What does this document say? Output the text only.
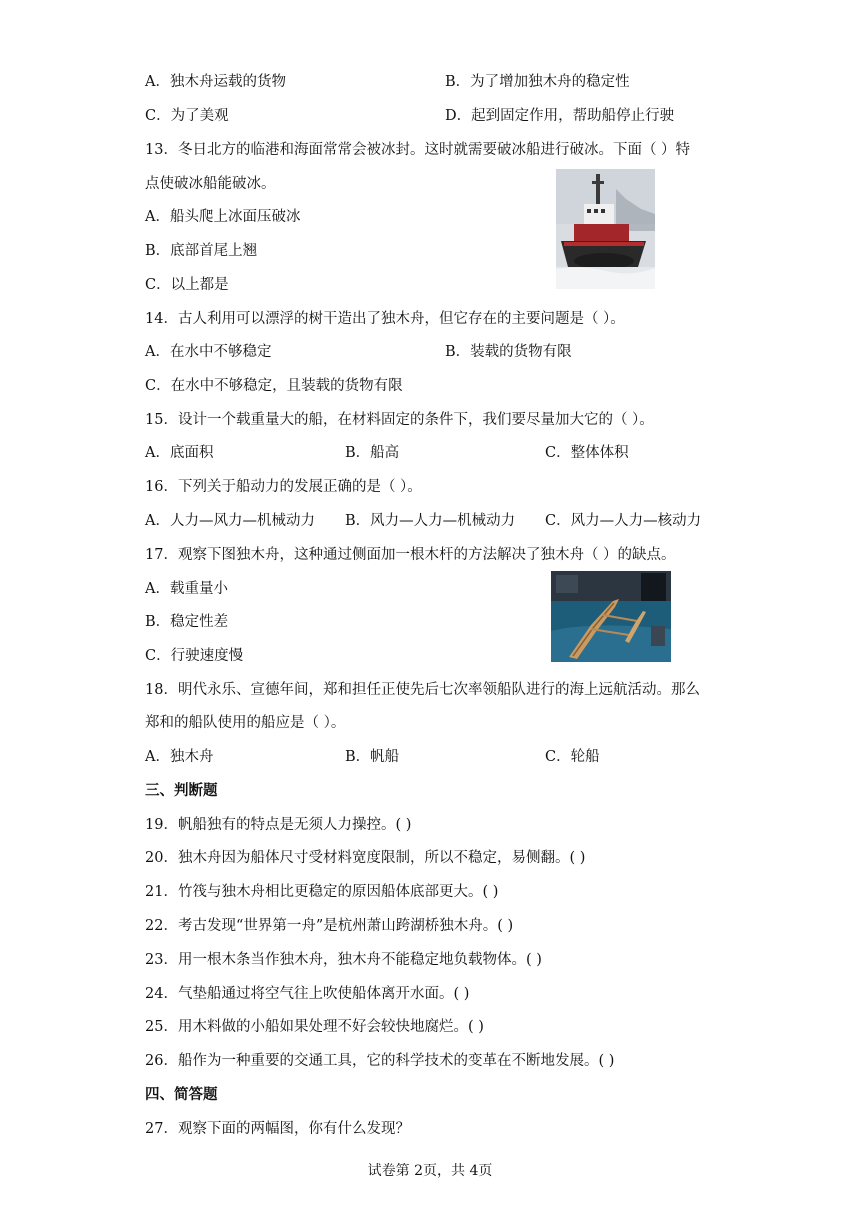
A．独木舟运载的货物	B．为了增加独木舟的稳定性
C．为了美观	D．起到固定作用，帮助船停止行驶
13．冬日北方的临港和海面常常会被冰封。这时就需要破冰船进行破冰。下面（ ）特
点使破冰船能破冰。
A．船头爬上冰面压破冰
B．底部首尾上翘
C．以上都是
14．古人利用可以漂浮的树干造出了独木舟，但它存在的主要问题是（ ）。
A．在水中不够稳定	B．装载的货物有限
C．在水中不够稳定，且装载的货物有限
15．设计一个载重量大的船，在材料固定的条件下，我们要尽量加大它的（ ）。
A．底面积	B．船高	C．整体体积
16．下列关于船动力的发展正确的是（ ）。
A．人力—风力—机械动力 B．风力—人力—机械动力 C．风力—人力—核动力
17．观察下图独木舟，这种通过侧面加一根木杆的方法解决了独木舟（ ）的缺点。
A．载重量小
B．稳定性差
C．行驶速度慢
18．明代永乐、宣德年间，郑和担任正使先后七次率领船队进行的海上远航活动。那么
郑和的船队使用的船应是（ ）。
A．独木舟	B．帆船	C．轮船
三、判断题
19．帆船独有的特点是无须人力操控。( )
20．独木舟因为船体尺寸受材料宽度限制，所以不稳定，易侧翻。( )
21．竹筏与独木舟相比更稳定的原因船体底部更大。( )
22．考古发现“世界第一舟”是杭州萧山跨湖桥独木舟。( )
23．用一根木条当作独木舟，独木舟不能稳定地负载物体。( )
24．气垫船通过将空气往上吹使船体离开水面。( )
25．用木料做的小船如果处理不好会较快地腐烂。( )
26．船作为一种重要的交通工具，它的科学技术的变革在不断地发展。( )
四、简答题
27．观察下面的两幅图，你有什么发现？
试卷第 2页，共 4页
